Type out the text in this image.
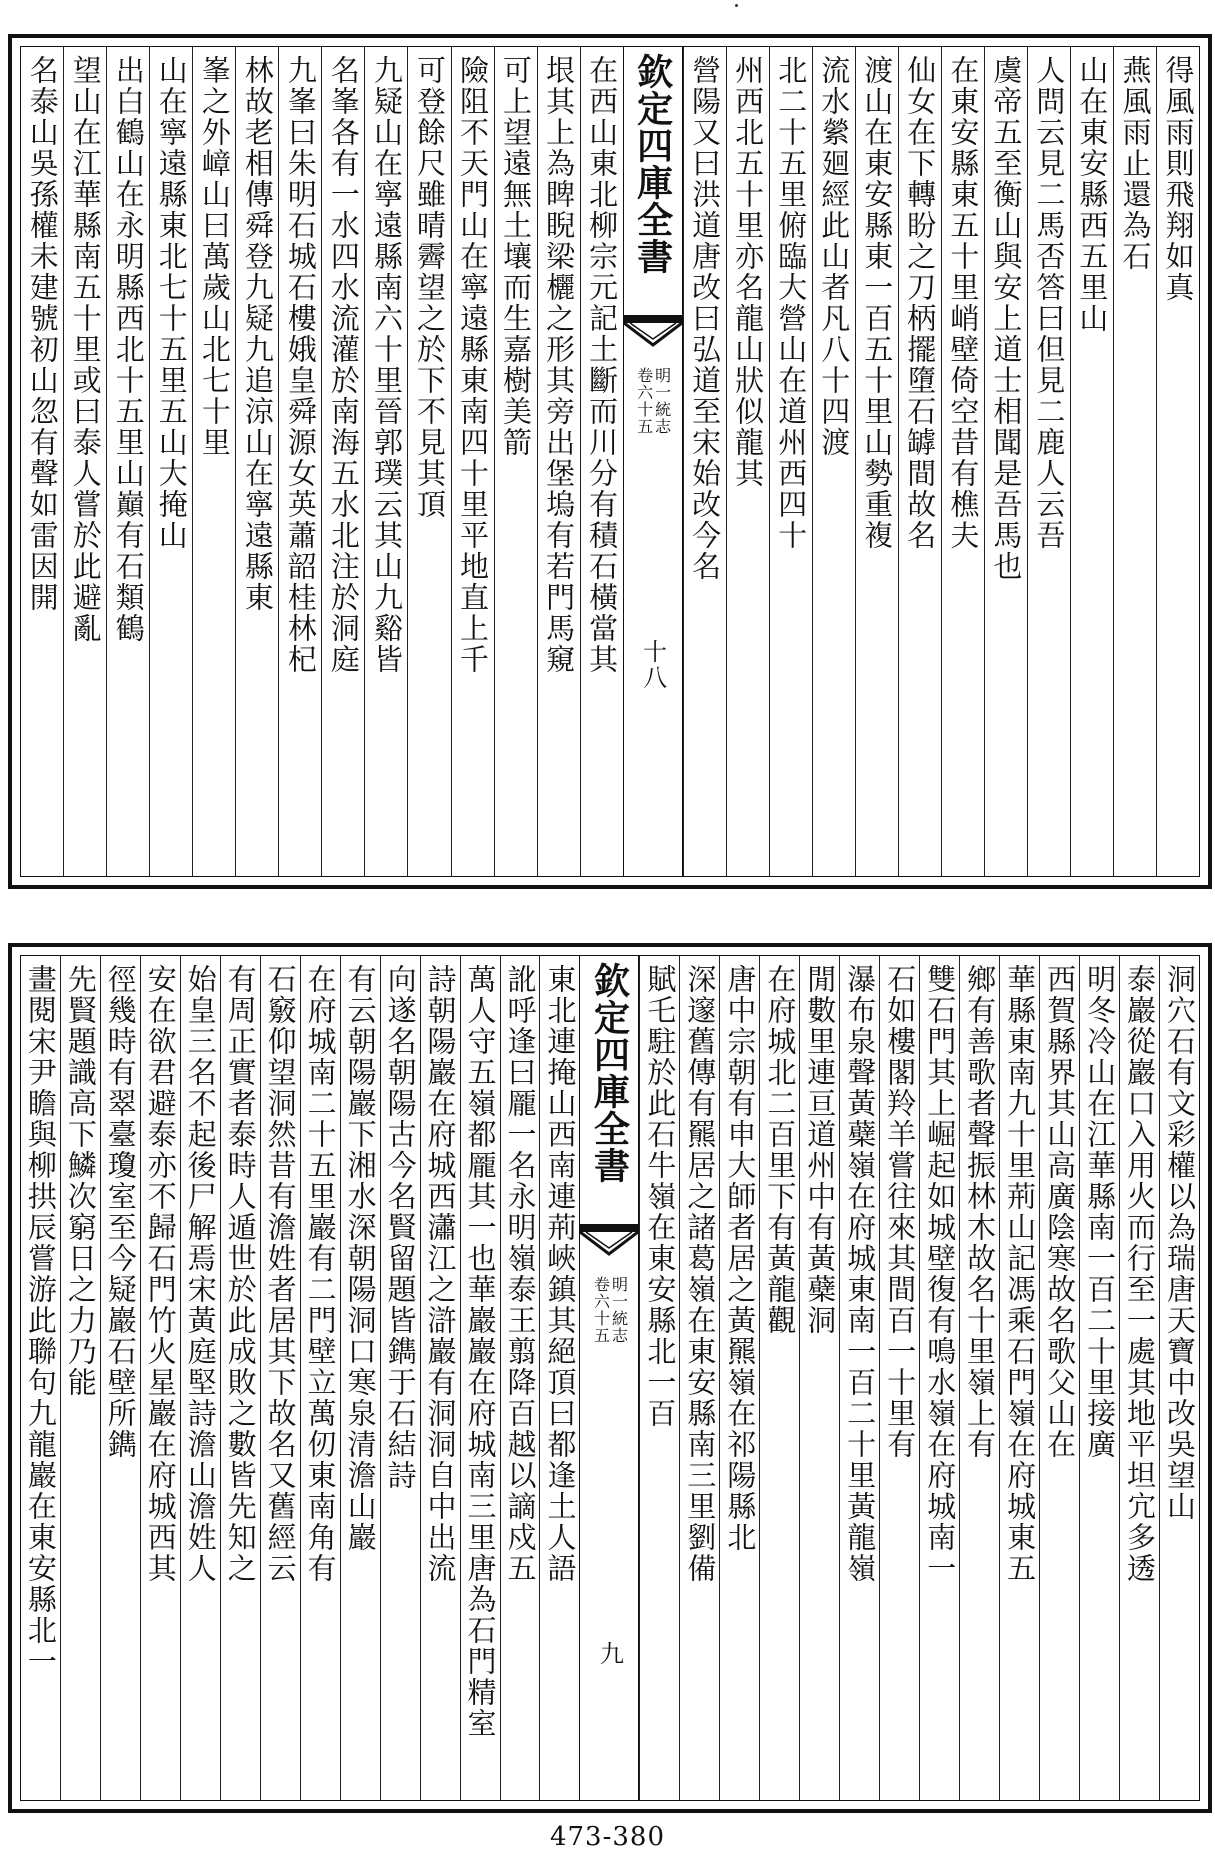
得風雨則飛翔如真
燕風雨止還為石
山在東安縣西五里山
人問云見二馬否答曰但見二鹿人云吾
虞帝五至衡山與安上道士相聞是吾馬也
在東安縣東五十里峭壁倚空昔有樵夫
仙女在下轉盼之刀柄擺墮石罅間故名
渡山在東安縣東一百五十里山勢重複
流水縈廻經此山者凡八十四渡
北二十五里俯臨大營山在道州西四十
州西北五十里亦名龍山狀似龍其
營陽又曰洪道唐改曰弘道至宋始改今名
欽定四庫全書
明一統志
卷六十五
十八
在西山東北柳宗元記土斷而川分有積石橫當其
垠其上為睥睨梁欐之形其旁出堡塢有若門馬窺
可上望遠無土壤而生嘉樹美箭
險阻不天門山在寧遠縣東南四十里平地直上千
可登餘尺雖晴霽望之於下不見其頂
九疑山在寧遠縣南六十里晉郭璞云其山九谿皆
名峯各有一水四水流灌於南海五水北注於洞庭
九峯曰朱明石城石樓娥皇舜源女英蕭韶桂林杞
林故老相傳舜登九疑九追涼山在寧遠縣東
峯之外嶂山曰萬歲山北七十里
山在寧遠縣東北七十五里五山大掩山
出白鶴山在永明縣西北十五里山巔有石類鶴
望山在江華縣南五十里或曰泰人嘗於此避亂
名泰山吳孫權未建號初山忽有聲如雷因開
洞穴石有文彩權以為瑞唐天寶中改吳望山
泰巖從巖口入用火而行至一處其地平坦宂多透
明冬冷山在江華縣南一百二十里接廣
西賀縣界其山高廣陰寒故名歌父山在
華縣東南九十里荊山記馮乘石門嶺在府城東五
鄉有善歌者聲振林木故名十里嶺上有
雙石門其上崛起如城壁復有鳴水嶺在府城南一
石如樓閣羚羊嘗往來其間百一十里有
瀑布泉聲黃蘗嶺在府城東南一百二十里黃龍嶺
閒數里連亘道州中有黃蘗洞
在府城北二百里下有黃龍觀
唐中宗朝有申大師者居之黃羆嶺在祁陽縣北
深邃舊傳有羆居之諸葛嶺在東安縣南三里劉備
賦乇駐於此石牛嶺在東安縣北一百
欽定四庫全書
明一統志
卷六十五
九
東北連掩山西南連荊峽鎮其絕頂曰都逢土人語
訛呼逢曰龎一名永明嶺泰王翦降百越以謫戍五
萬人守五嶺都龎其一也華巖巖在府城南三里唐為石門精室
詩朝陽巖在府城西瀟江之滸巖有洞洞自中出流
向遂名朝陽古今名賢留題皆鐫于石結詩
有云朝陽巖下湘水深朝陽洞口寒泉清澹山巖
在府城南二十五里巖有二門壁立萬仞東南角有
石竅仰望洞然昔有澹姓者居其下故名又舊經云
有周正實者泰時人遁世於此成敗之數皆先知之
始皇三名不起後尸解焉宋黃庭堅詩澹山澹姓人
安在欲君避泰亦不歸石門竹火星巖在府城西其
徑幾時有翠臺瓊室至今疑巖石壁所鐫
先賢題識高下鱗次窮日之力乃能
畫閱宋尹瞻與柳拱辰嘗游此聯句九龍巖在東安縣北一
473-380
